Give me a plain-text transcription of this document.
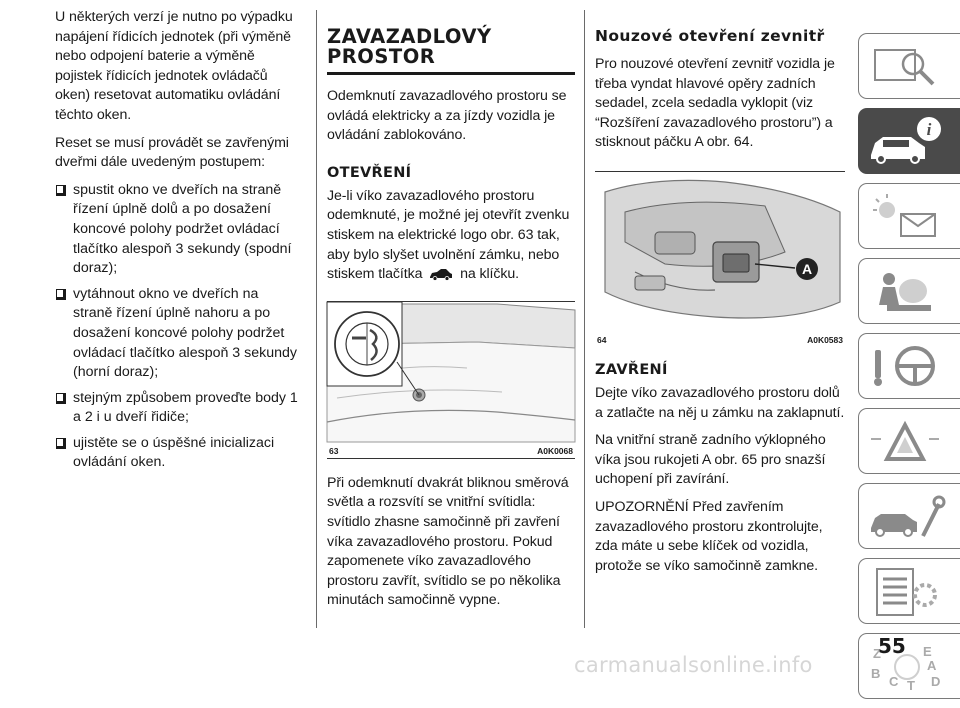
U některých verzí je nutno po výpadku napájení řídicích jednotek (při výměně nebo odpojení baterie a výměně pojistek řídicích jednotek ovládačů oken) resetovat automatiku ovládání těchto oken.

Reset se musí provádět se zavřenými dveřmi dále uvedeným postupem:

spustit okno ve dveřích na straně řízení úplně dolů a po dosažení koncové polohy podržet ovládací tlačítko alespoň 3 sekundy (spodní doraz);
vytáhnout okno ve dveřích na straně řízení úplně nahoru a po dosažení koncové polohy podržet ovládací tlačítko alespoň 3 sekundy (horní doraz);
stejným způsobem proveďte body 1 a 2 i u dveří řidiče;
ujistěte se o úspěšné inicializaci ovládání oken.
ZAVAZADLOVÝ PROSTOR

Odemknutí zavazadlového prostoru se ovládá elektricky a za jízdy vozidla je ovládání zablokováno.

OTEVŘENÍ

Je-li víko zavazadlového prostoru odemknuté, je možné jej otevřít zvenku stiskem na elektrické logo obr. 63 tak, aby bylo slyšet uvolnění zámku, nebo stiskem tlačítka	na klíčku.

63	A0K0068

Při odemknutí dvakrát bliknou směrová světla a rozsvítí se vnitřní svítidla: svítidlo zhasne samočinně při zavření víka zavazadlového prostoru. Pokud zapomenete víko zavazadlového prostoru zavřít, svítidlo se po několika minutách samočinně vypne.

Nouzové otevření zevnitř

Pro nouzové otevření zevnitř vozidla je třeba vyndat hlavové opěry zadních sedadel, zcela sedadla vyklopit (viz “Rozšíření zavazadlového prostoru”) a stisknout páčku A obr. 64.

A
64	A0K0583
ZAVŘENÍ

Dejte víko zavazadlového prostoru dolů a zatlačte na něj u zámku na zaklapnutí.

Na vnitřní straně zadního výklopného víka jsou rukojeti A obr. 65 pro snazší uchopení při zavírání.

UPOZORNĚNÍ Před zavřením zavazadlového prostoru zkontrolujte, zda máte u sebe klíček od vozidla, protože se víko samočinně zamkne.

i
Z	E
A
B
C T D
55
carmanualsonline.info
